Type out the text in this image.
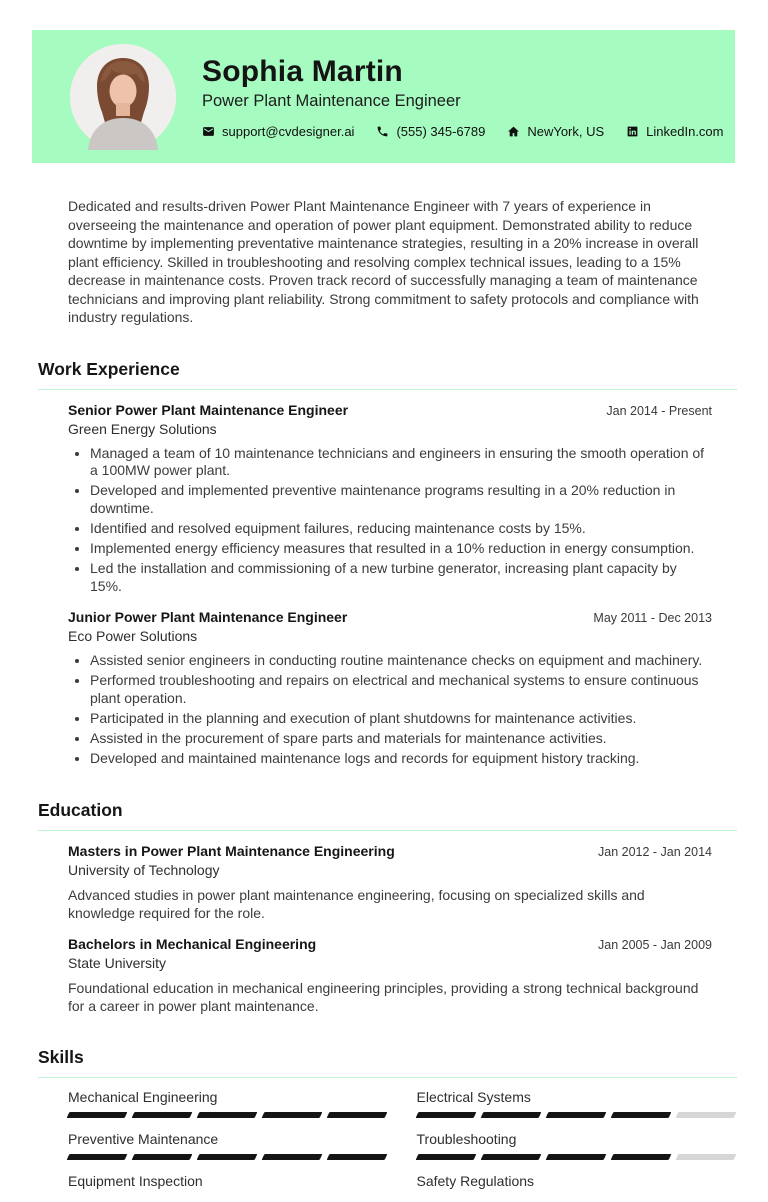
Sophia Martin
Power Plant Maintenance Engineer
support@cvdesigner.ai	(555) 345-6789	NewYork, US	LinkedIn.com

Dedicated and results-driven Power Plant Maintenance Engineer with 7 years of experience in overseeing the maintenance and operation of power plant equipment. Demonstrated ability to reduce downtime by implementing preventative maintenance strategies, resulting in a 20% increase in overall plant efficiency. Skilled in troubleshooting and resolving complex technical issues, leading to a 15% decrease in maintenance costs. Proven track record of successfully managing a team of maintenance technicians and improving plant reliability. Strong commitment to safety protocols and compliance with industry regulations.

Work Experience
Senior Power Plant Maintenance Engineer	Jan 2014 - Present
Green Energy Solutions
• Managed a team of 10 maintenance technicians and engineers in ensuring the smooth operation of a 100MW power plant.
• Developed and implemented preventive maintenance programs resulting in a 20% reduction in downtime.
• Identified and resolved equipment failures, reducing maintenance costs by 15%.
• Implemented energy efficiency measures that resulted in a 10% reduction in energy consumption.
• Led the installation and commissioning of a new turbine generator, increasing plant capacity by 15%.
Junior Power Plant Maintenance Engineer	May 2011 - Dec 2013
Eco Power Solutions
• Assisted senior engineers in conducting routine maintenance checks on equipment and machinery.
• Performed troubleshooting and repairs on electrical and mechanical systems to ensure continuous plant operation.
• Participated in the planning and execution of plant shutdowns for maintenance activities.
• Assisted in the procurement of spare parts and materials for maintenance activities.
• Developed and maintained maintenance logs and records for equipment history tracking.
Education
Masters in Power Plant Maintenance Engineering	Jan 2012 - Jan 2014
University of Technology
Advanced studies in power plant maintenance engineering, focusing on specialized skills and knowledge required for the role.
Bachelors in Mechanical Engineering	Jan 2005 - Jan 2009
State University
Foundational education in mechanical engineering principles, providing a strong technical background for a career in power plant maintenance.
Skills
Mechanical Engineering	Electrical Systems
Preventive Maintenance	Troubleshooting
Equipment Inspection	Safety Regulations
